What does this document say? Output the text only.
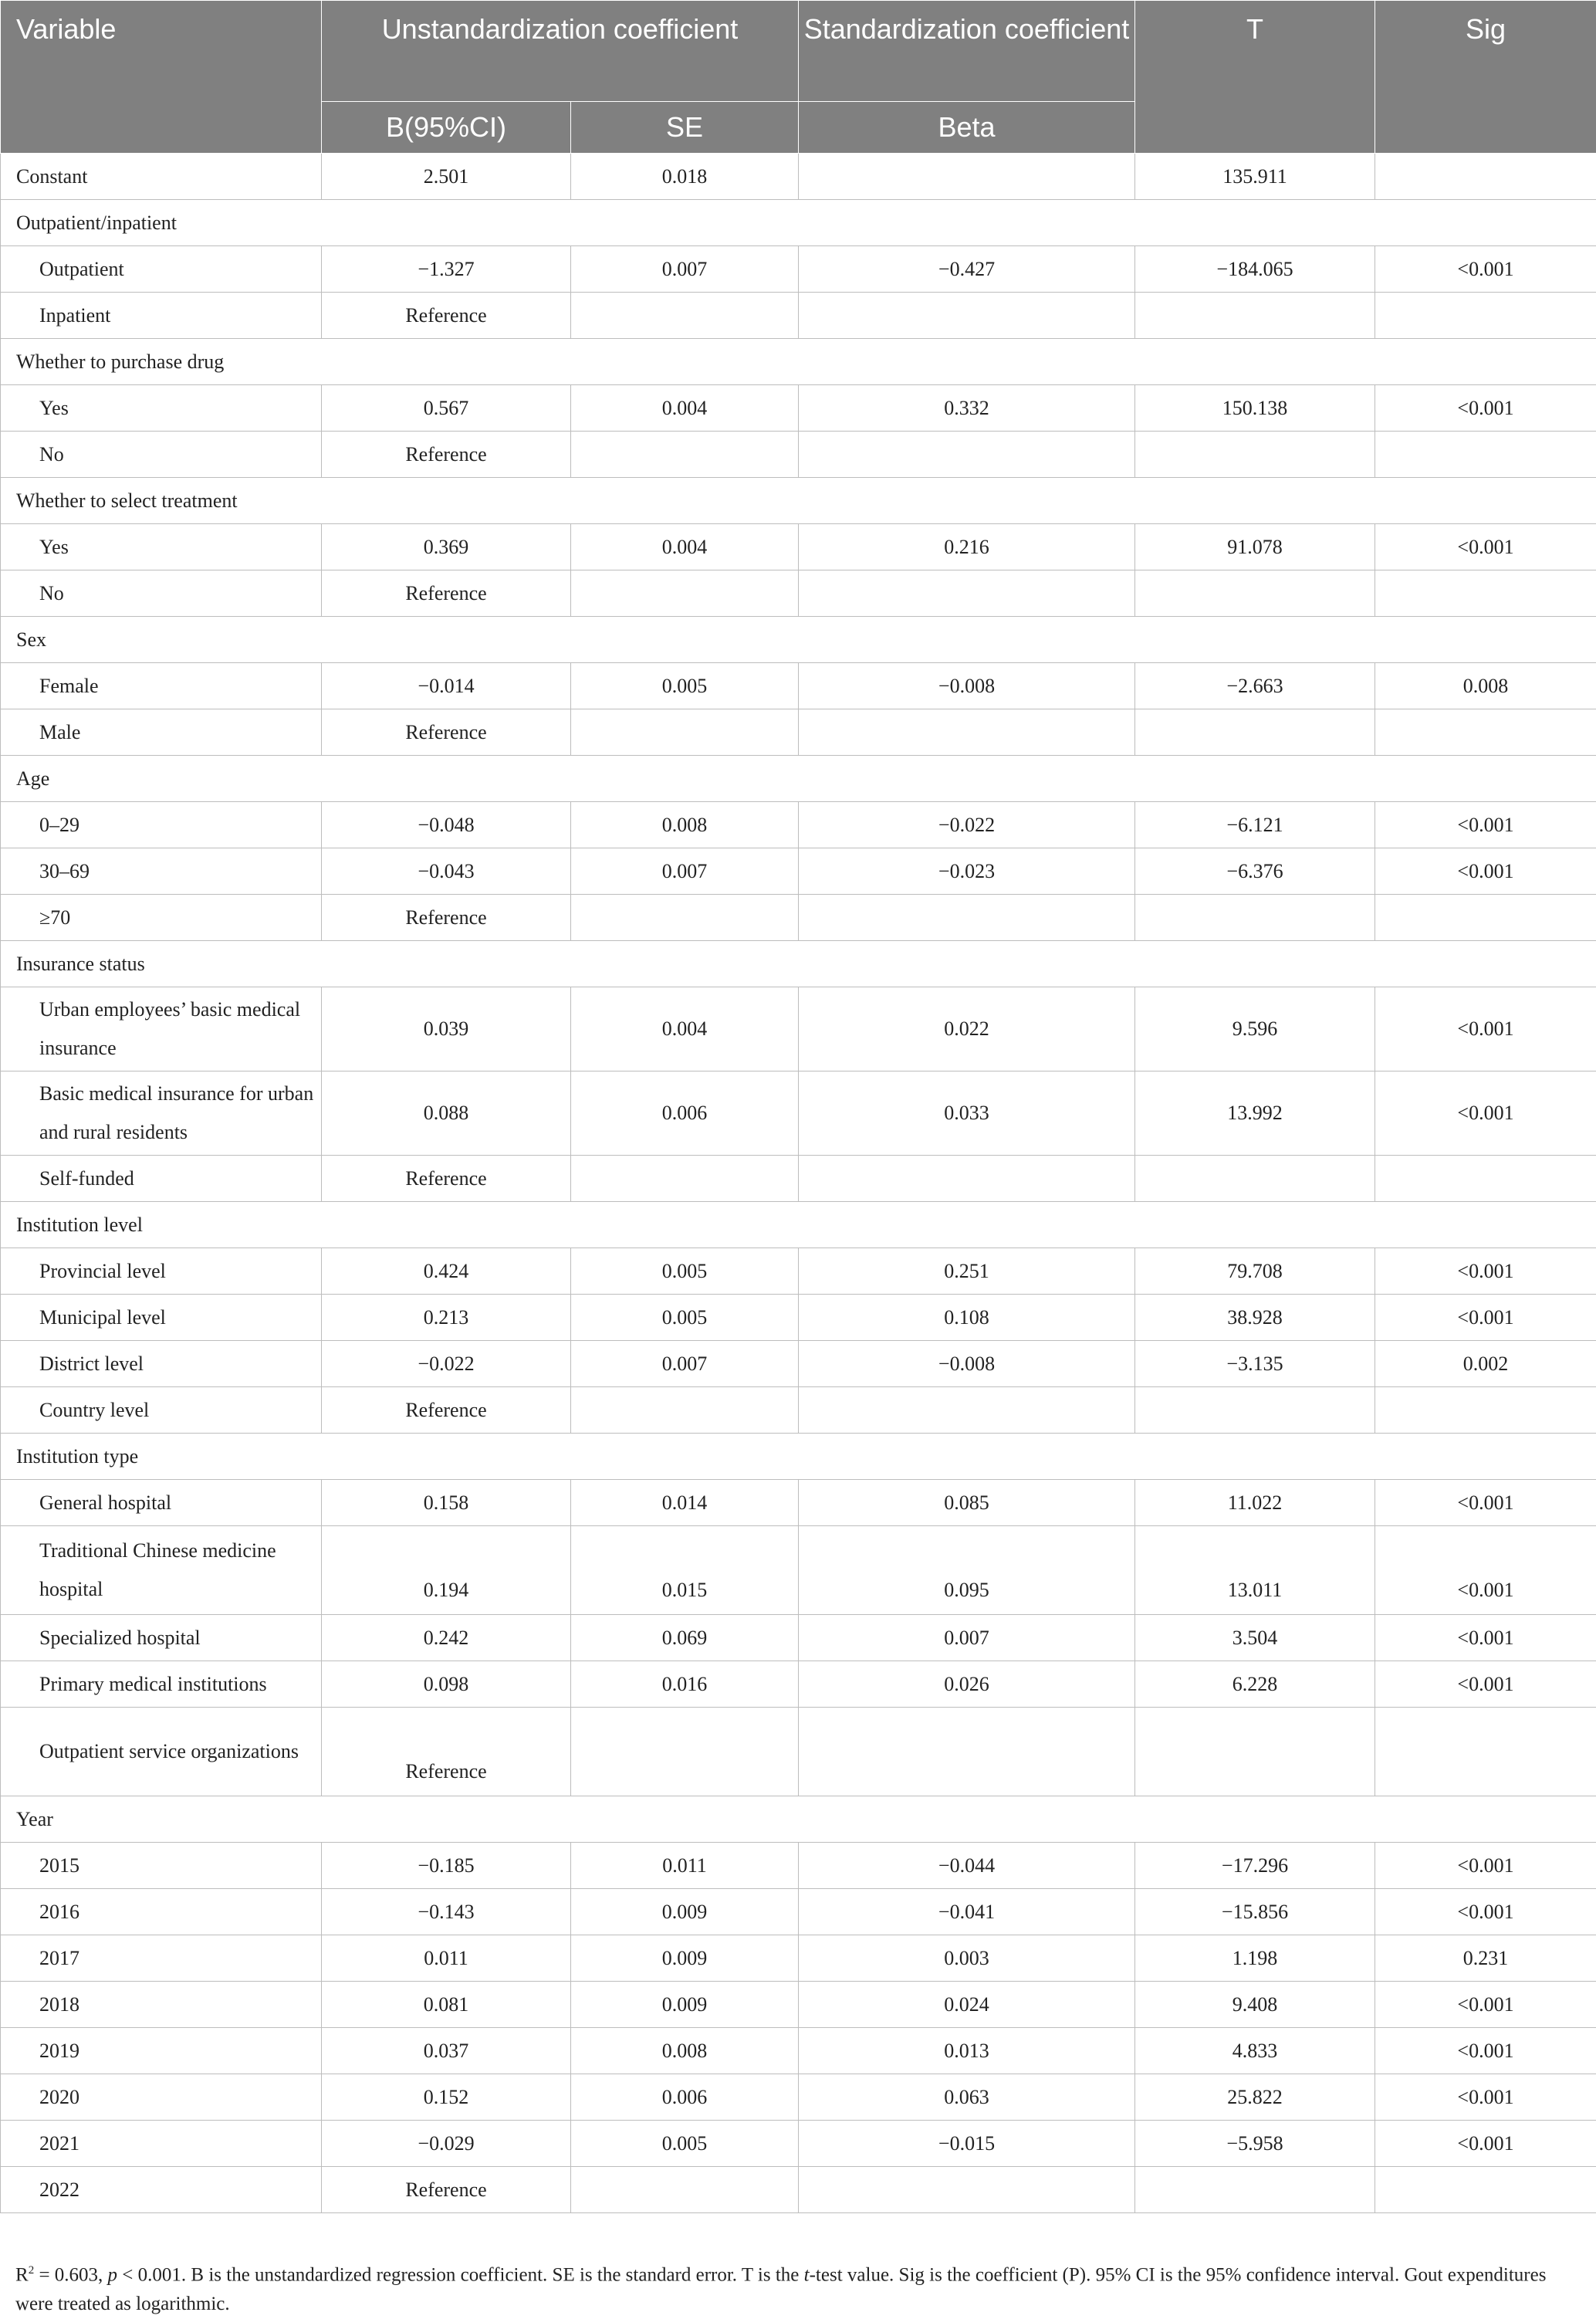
Variable	Unstandardization coefficient		Standardization coefficient	T	Sig
	B(95%CI)	SE	Beta		
Constant	2.501	0.018		135.911	
Outpatient/inpatient					
Outpatient	−1.327	0.007	−0.427	−184.065	<0.001
Inpatient	Reference				
Whether to purchase drug					
Yes	0.567	0.004	0.332	150.138	<0.001
No	Reference				
Whether to select treatment					
Yes	0.369	0.004	0.216	91.078	<0.001
No	Reference				
Sex					
Female	−0.014	0.005	−0.008	−2.663	0.008
Male	Reference				
Age					
0–29	−0.048	0.008	−0.022	−6.121	<0.001
30–69	−0.043	0.007	−0.023	−6.376	<0.001
≥70	Reference				
Insurance status					
Urban employees’ basic medical insurance	0.039	0.004	0.022	9.596	<0.001
Basic medical insurance for urban and rural residents	0.088	0.006	0.033	13.992	<0.001
Self-funded	Reference				
Institution level					
Provincial level	0.424	0.005	0.251	79.708	<0.001
Municipal level	0.213	0.005	0.108	38.928	<0.001
District level	−0.022	0.007	−0.008	−3.135	0.002
Country level	Reference				
Institution type					
General hospital	0.158	0.014	0.085	11.022	<0.001
Traditional Chinese medicine hospital	0.194	0.015	0.095	13.011	<0.001
Specialized hospital	0.242	0.069	0.007	3.504	<0.001
Primary medical institutions	0.098	0.016	0.026	6.228	<0.001
Outpatient service organizations	Reference				
Year					
2015	−0.185	0.011	−0.044	−17.296	<0.001
2016	−0.143	0.009	−0.041	−15.856	<0.001
2017	0.011	0.009	0.003	1.198	0.231
2018	0.081	0.009	0.024	9.408	<0.001
2019	0.037	0.008	0.013	4.833	<0.001
2020	0.152	0.006	0.063	25.822	<0.001
2021	−0.029	0.005	−0.015	−5.958	<0.001
2022	Reference				
$R^2 = 0.603$, p < 0.001. B is the unstandardized regression coefficient. SE is the standard error. T is the t-test value. Sig is the coefficient (P). 95% CI is the 95% confidence interval. Gout expenditures were treated as logarithmic.
